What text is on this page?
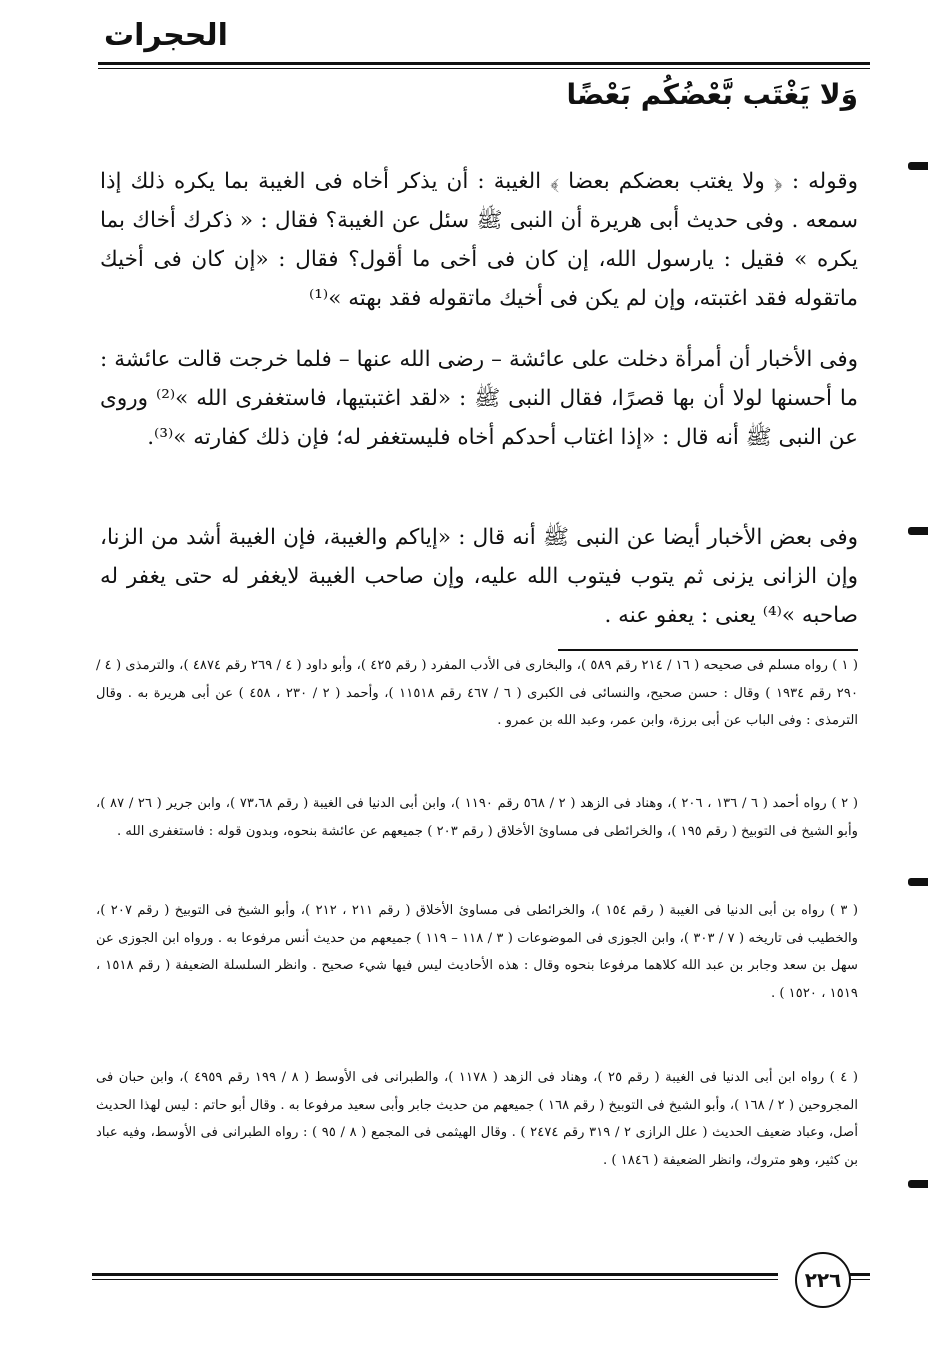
الحجرات
وَلا يَغْتَب بَّعْضُكُم بَعْضًا

وقوله : ﴿ ولا يغتب بعضكم بعضا ﴾ الغيبة : أن يذكر أخاه فى الغيبة بما يكره ذلك إذا سمعه . وفى حديث أبى هريرة أن النبى ﷺ سئل عن الغيبة؟ فقال : « ذكرك أخاك بما يكره » فقيل : يارسول الله، إن كان فى أخى ما أقول؟ فقال : «إن كان فى أخيك ماتقوله فقد اغتبته، وإن لم يكن فى أخيك ماتقوله فقد بهته »⁽¹⁾

وفى الأخبار أن أمرأة دخلت على عائشة – رضى الله عنها – فلما خرجت قالت عائشة : ما أحسنها لولا أن بها قصرًا، فقال النبى ﷺ : «لقد اغتبتيها، فاستغفرى الله »⁽²⁾ وروى عن النبى ﷺ أنه قال : «إذا اغتاب أحدكم أخاه فليستغفر له؛ فإن ذلك كفارته »⁽³⁾.

وفى بعض الأخبار أيضا عن النبى ﷺ أنه قال : «إياكم والغيبة، فإن الغيبة أشد من الزنا، وإن الزانى يزنى ثم يتوب فيتوب الله عليه، وإن صاحب الغيبة لايغفر له حتى يغفر له صاحبه »⁽⁴⁾ يعنى : يعفو عنه .

( ١ ) رواه مسلم فى صحيحه ( ١٦ / ٢١٤ رقم ٥٨٩ )، والبخارى فى الأدب المفرد ( رقم ٤٢٥ )، وأبو داود ( ٤ / ٢٦٩ رقم ٤٨٧٤ )، والترمذى ( ٤ / ٢٩٠ رقم ١٩٣٤ ) وقال : حسن صحيح، والنسائى فى الكبرى ( ٦ / ٤٦٧ رقم ١١٥١٨ )، وأحمد ( ٢ / ٢٣٠ ، ٤٥٨ ) عن أبى هريرة به . وقال الترمذى : وفى الباب عن أبى برزة، وابن عمر، وعبد الله بن عمرو .

( ٢ ) رواه أحمد ( ٦ / ١٣٦ ، ٢٠٦ )، وهناد فى الزهد ( ٢ / ٥٦٨ رقم ١١٩٠ )، وابن أبى الدنيا فى الغيبة ( رقم ٧٣،٦٨ )، وابن جرير ( ٢٦ / ٨٧ )، وأبو الشيخ فى التوبيخ ( رقم ١٩٥ )، والخرائطى فى مساوئ الأخلاق ( رقم ٢٠٣ ) جميعهم عن عائشة بنحوه، وبدون قوله : فاستغفرى الله .

( ٣ ) رواه بن أبى الدنيا فى الغيبة ( رقم ١٥٤ )، والخرائطى فى مساوئ الأخلاق ( رقم ٢١١ ، ٢١٢ )، وأبو الشيخ فى التوبيخ ( رقم ٢٠٧ )، والخطيب فى تاريخه ( ٧ / ٣٠٣ )، وابن الجوزى فى الموضوعات ( ٣ / ١١٨ – ١١٩ ) جميعهم من حديث أنس مرفوعا به . ورواه ابن الجوزى عن سهل بن سعد وجابر بن عبد الله كلاهما مرفوعا بنحوه وقال : هذه الأحاديث ليس فيها شيء صحيح . وانظر السلسلة الضعيفة ( رقم ١٥١٨ ، ١٥١٩ ، ١٥٢٠ ) .

( ٤ ) رواه ابن أبى الدنيا فى الغيبة ( رقم ٢٥ )، وهناد فى الزهد ( ١١٧٨ )، والطبرانى فى الأوسط ( ٨ / ١٩٩ رقم ٤٩٥٩ )، وابن حبان فى المجروحين ( ٢ / ١٦٨ )، وأبو الشيخ فى التوبيخ ( رقم ١٦٨ ) جميعهم من حديث جابر وأبى سعيد مرفوعا به . وقال أبو حاتم : ليس لهذا الحديث أصل، وعباد ضعيف الحديث ( علل الرازى ٢ / ٣١٩ رقم ٢٤٧٤ ) . وقال الهيثمى فى المجمع ( ٨ / ٩٥ ) : رواه الطبرانى فى الأوسط، وفيه عباد بن كثير، وهو متروك، وانظر الضعيفة ( ١٨٤٦ ) .

٢٢٦
